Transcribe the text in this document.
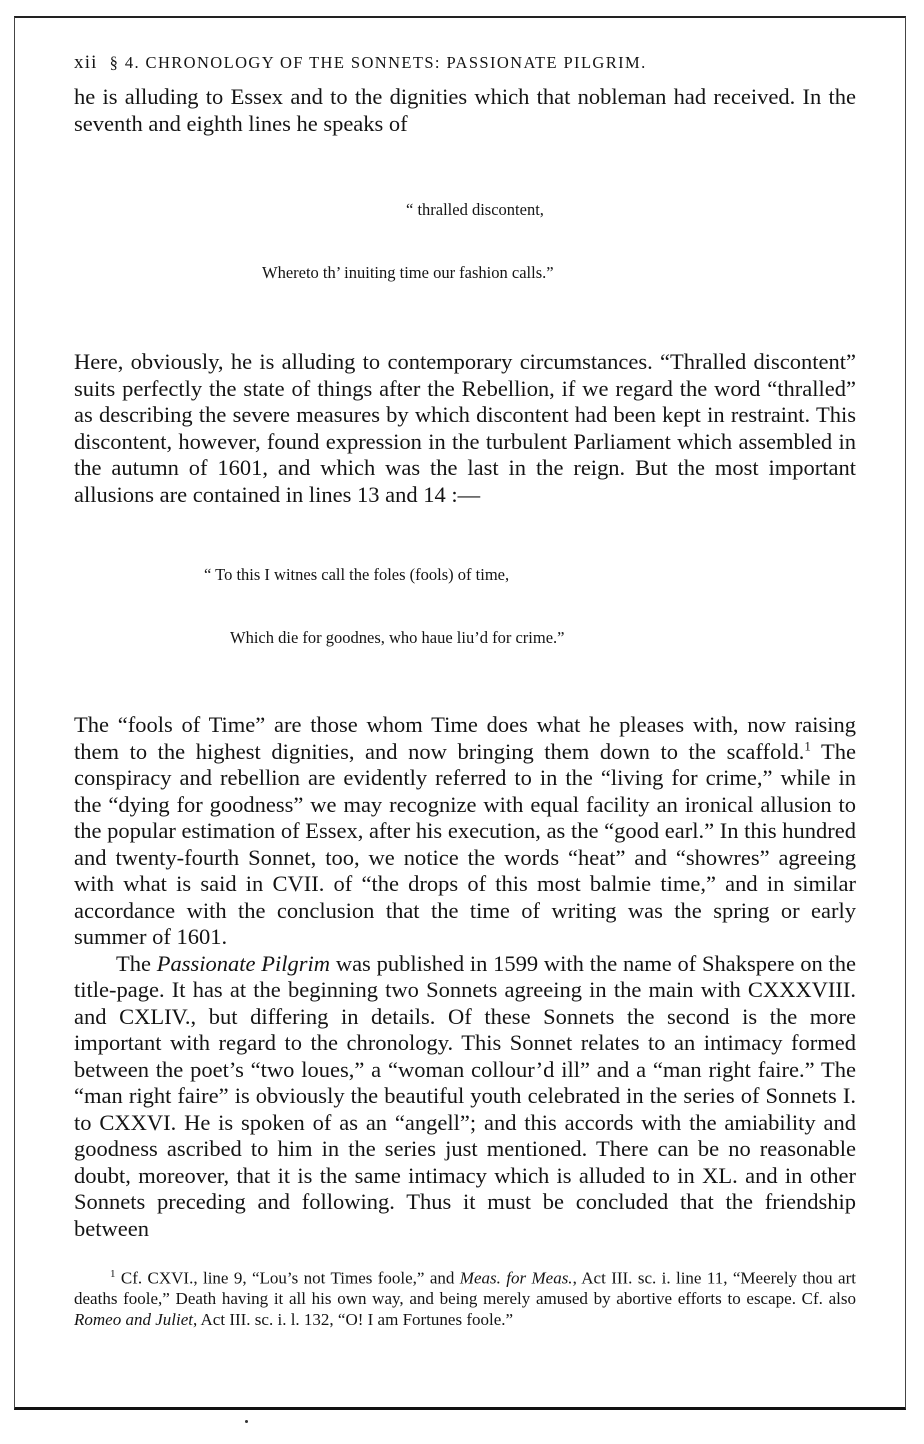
xii § 4. CHRONOLOGY OF THE SONNETS: PASSIONATE PILGRIM.

he is alluding to Essex and to the dignities which that nobleman had received. In the seventh and eighth lines he speaks of

“ thralled discontent,

Whereto th’ inuiting time our fashion calls.”

Here, obviously, he is alluding to contemporary circumstances. “Thralled discontent” suits perfectly the state of things after the Rebellion, if we regard the word “thralled” as describing the severe measures by which discontent had been kept in restraint. This discontent, however, found expression in the turbulent Parliament which assembled in the autumn of 1601, and which was the last in the reign. But the most important allusions are contained in lines 13 and 14 :—

“ To this I witnes call the foles (fools) of time,

Which die for goodnes, who haue liu’d for crime.”

The “fools of Time” are those whom Time does what he pleases with, now raising them to the highest dignities, and now bringing them down to the scaffold.$^1$ The conspiracy and rebellion are evidently referred to in the “living for crime,” while in the “dying for goodness” we may recognize with equal facility an ironical allusion to the popular estimation of Essex, after his execution, as the “good earl.” In this hundred and twenty-fourth Sonnet, too, we notice the words “heat” and “showres” agreeing with what is said in CVII. of “the drops of this most balmie time,” and in similar accordance with the conclusion that the time of writing was the spring or early summer of 1601.

The Passionate Pilgrim was published in 1599 with the name of Shakspere on the title-page. It has at the beginning two Sonnets agreeing in the main with CXXXVIII. and CXLIV., but differing in details. Of these Sonnets the second is the more important with regard to the chronology. This Sonnet relates to an intimacy formed between the poet’s “two loues,” a “woman collour’d ill” and a “man right faire.” The “man right faire” is obviously the beautiful youth celebrated in the series of Sonnets I. to CXXVI. He is spoken of as an “angell”; and this accords with the amiability and goodness ascribed to him in the series just mentioned. There can be no reasonable doubt, moreover, that it is the same intimacy which is alluded to in XL. and in other Sonnets preceding and following. Thus it must be concluded that the friendship between

$^1$ Cf. CXVI., line 9, “Lou’s not Times foole,” and Meas. for Meas., Act III. sc. i. line 11, “Meerely thou art deaths foole,” Death having it all his own way, and being merely amused by abortive efforts to escape. Cf. also Romeo and Juliet, Act III. sc. i. l. 132, “O! I am Fortunes foole.”
